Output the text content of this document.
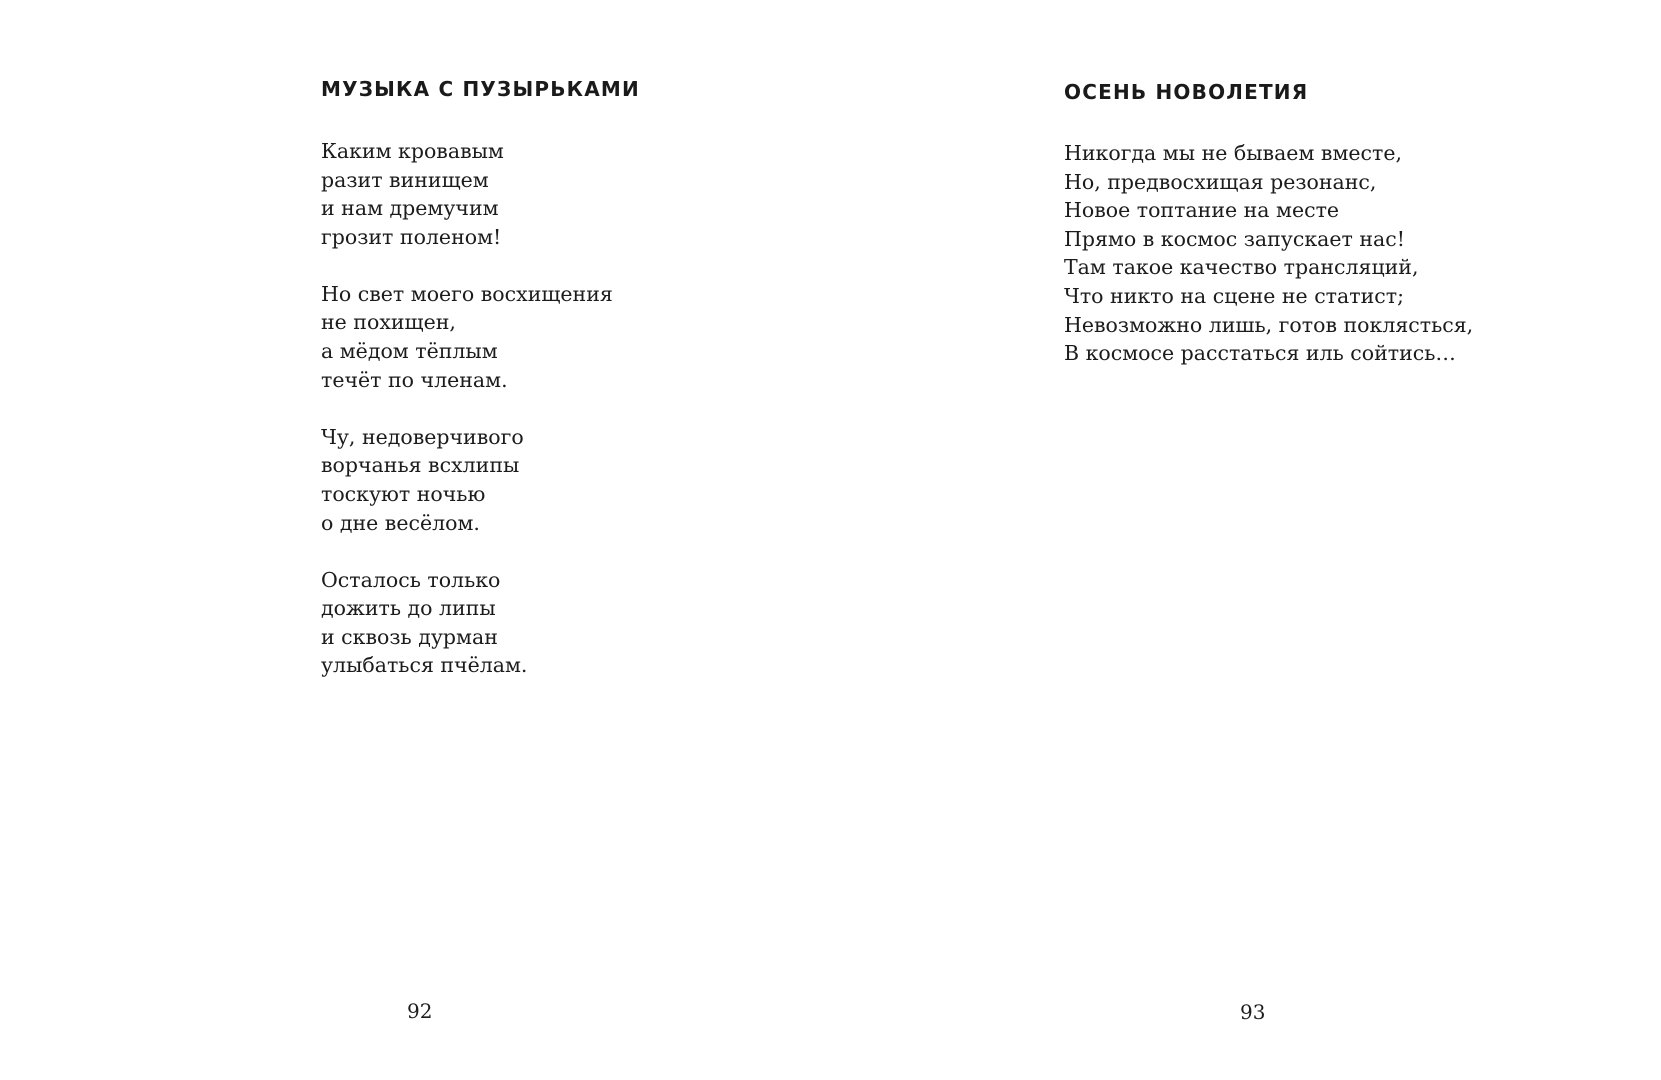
МУЗЫКА С ПУЗЫРЬКАМИ
Каким кровавым
разит винищем
и нам дремучим
грозит поленом!
Но свет моего восхищения
не похищен,
а мёдом тёплым
течёт по членам.
Чу, недоверчивого
ворчанья всхлипы
тоскуют ночью
о дне весёлом.
Осталось только
дожить до липы
и сквозь дурман
улыбаться пчёлам.
92
ОСЕНЬ НОВОЛЕТИЯ
Никогда мы не бываем вместе,
Но, предвосхищая резонанс,
Новое топтание на месте
Прямо в космос запускает нас!
Там такое качество трансляций,
Что никто на сцене не статист;
Невозможно лишь, готов поклясться,
В космосе расстаться иль сойтись…
93
